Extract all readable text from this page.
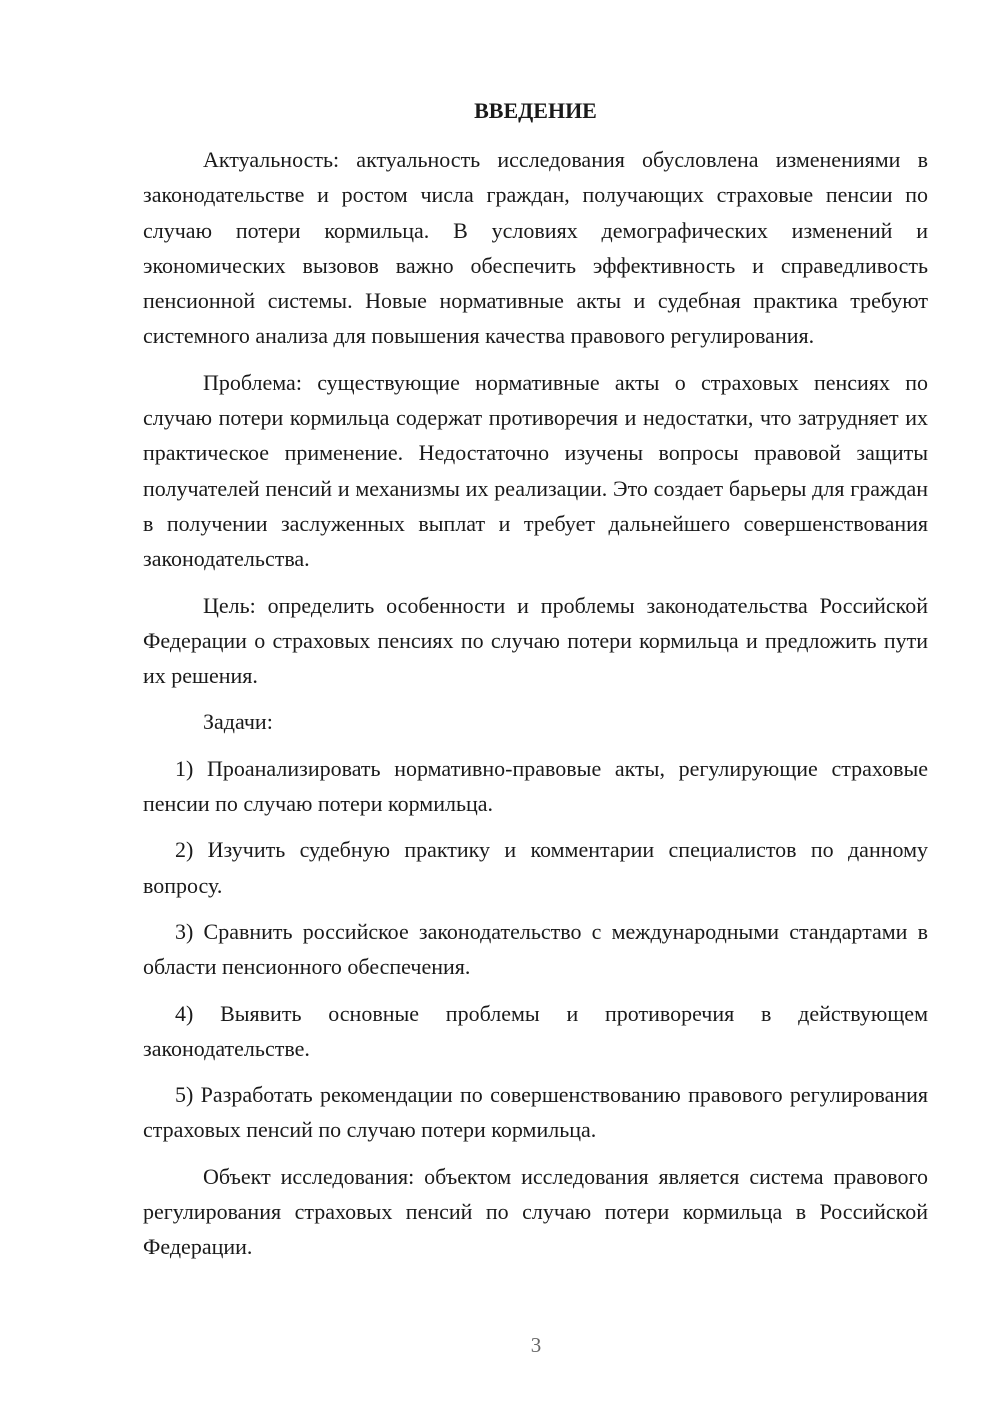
ВВЕДЕНИЕ

Актуальность: актуальность исследования обусловлена изменениями в законодательстве и ростом числа граждан, получающих страховые пенсии по случаю потери кормильца. В условиях демографических изменений и экономических вызовов важно обеспечить эффективность и справедливость пенсионной системы. Новые нормативные акты и судебная практика требуют системного анализа для повышения качества правового регулирования.

Проблема: существующие нормативные акты о страховых пенсиях по случаю потери кормильца содержат противоречия и недостатки, что затрудняет их практическое применение. Недостаточно изучены вопросы правовой защиты получателей пенсий и механизмы их реализации. Это создает барьеры для граждан в получении заслуженных выплат и требует дальнейшего совершенствования законодательства.

Цель: определить особенности и проблемы законодательства Российской Федерации о страховых пенсиях по случаю потери кормильца и предложить пути их решения.

Задачи:

1) Проанализировать нормативно-правовые акты, регулирующие страховые пенсии по случаю потери кормильца.

2) Изучить судебную практику и комментарии специалистов по данному вопросу.

3) Сравнить российское законодательство с международными стандартами в области пенсионного обеспечения.

4) Выявить основные проблемы и противоречия в действующем законодательстве.

5) Разработать рекомендации по совершенствованию правового регулирования страховых пенсий по случаю потери кормильца.

Объект исследования: объектом исследования является система правового регулирования страховых пенсий по случаю потери кормильца в Российской Федерации.

3
